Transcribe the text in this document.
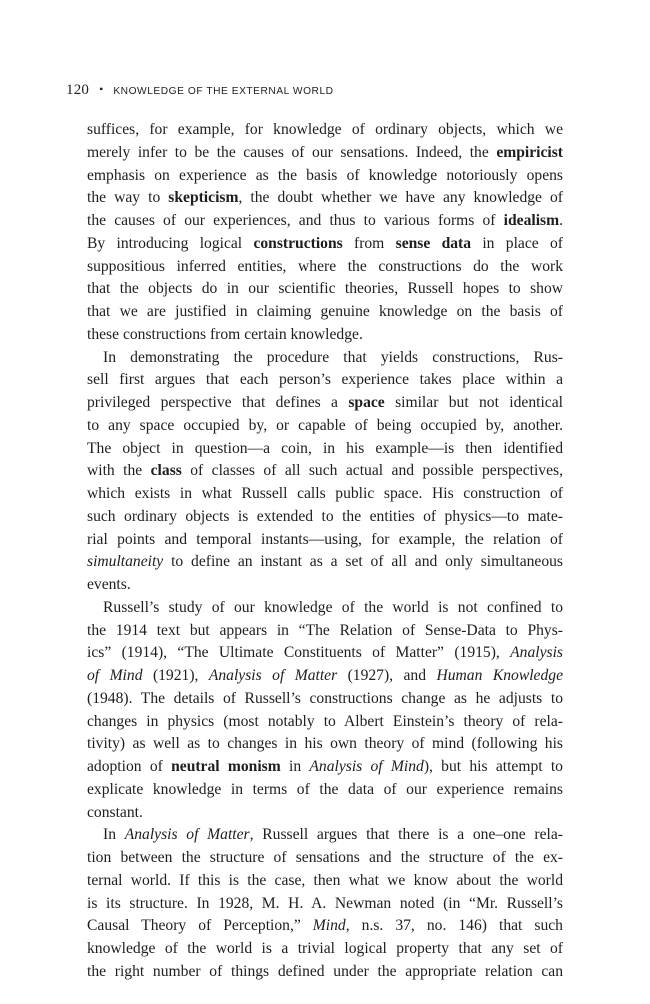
120 • KNOWLEDGE OF THE EXTERNAL WORLD
suffices, for example, for knowledge of ordinary objects, which we
merely infer to be the causes of our sensations. Indeed, the empiricist
emphasis on experience as the basis of knowledge notoriously opens
the way to skepticism, the doubt whether we have any knowledge of
the causes of our experiences, and thus to various forms of idealism.
By introducing logical constructions from sense data in place of
suppositious inferred entities, where the constructions do the work
that the objects do in our scientific theories, Russell hopes to show
that we are justified in claiming genuine knowledge on the basis of
these constructions from certain knowledge.
In demonstrating the procedure that yields constructions, Rus-
sell first argues that each person’s experience takes place within a
privileged perspective that defines a space similar but not identical
to any space occupied by, or capable of being occupied by, another.
The object in question—a coin, in his example—is then identified
with the class of classes of all such actual and possible perspectives,
which exists in what Russell calls public space. His construction of
such ordinary objects is extended to the entities of physics—to mate-
rial points and temporal instants—using, for example, the relation of
simultaneity to define an instant as a set of all and only simultaneous
events.
Russell’s study of our knowledge of the world is not confined to
the 1914 text but appears in “The Relation of Sense-Data to Phys-
ics” (1914), “The Ultimate Constituents of Matter” (1915), Analysis
of Mind (1921), Analysis of Matter (1927), and Human Knowledge
(1948). The details of Russell’s constructions change as he adjusts to
changes in physics (most notably to Albert Einstein’s theory of rela-
tivity) as well as to changes in his own theory of mind (following his
adoption of neutral monism in Analysis of Mind), but his attempt to
explicate knowledge in terms of the data of our experience remains
constant.
In Analysis of Matter, Russell argues that there is a one–one rela-
tion between the structure of sensations and the structure of the ex-
ternal world. If this is the case, then what we know about the world
is its structure. In 1928, M. H. A. Newman noted (in “Mr. Russell’s
Causal Theory of Perception,” Mind, n.s. 37, no. 146) that such
knowledge of the world is a trivial logical property that any set of
the right number of things defined under the appropriate relation can
